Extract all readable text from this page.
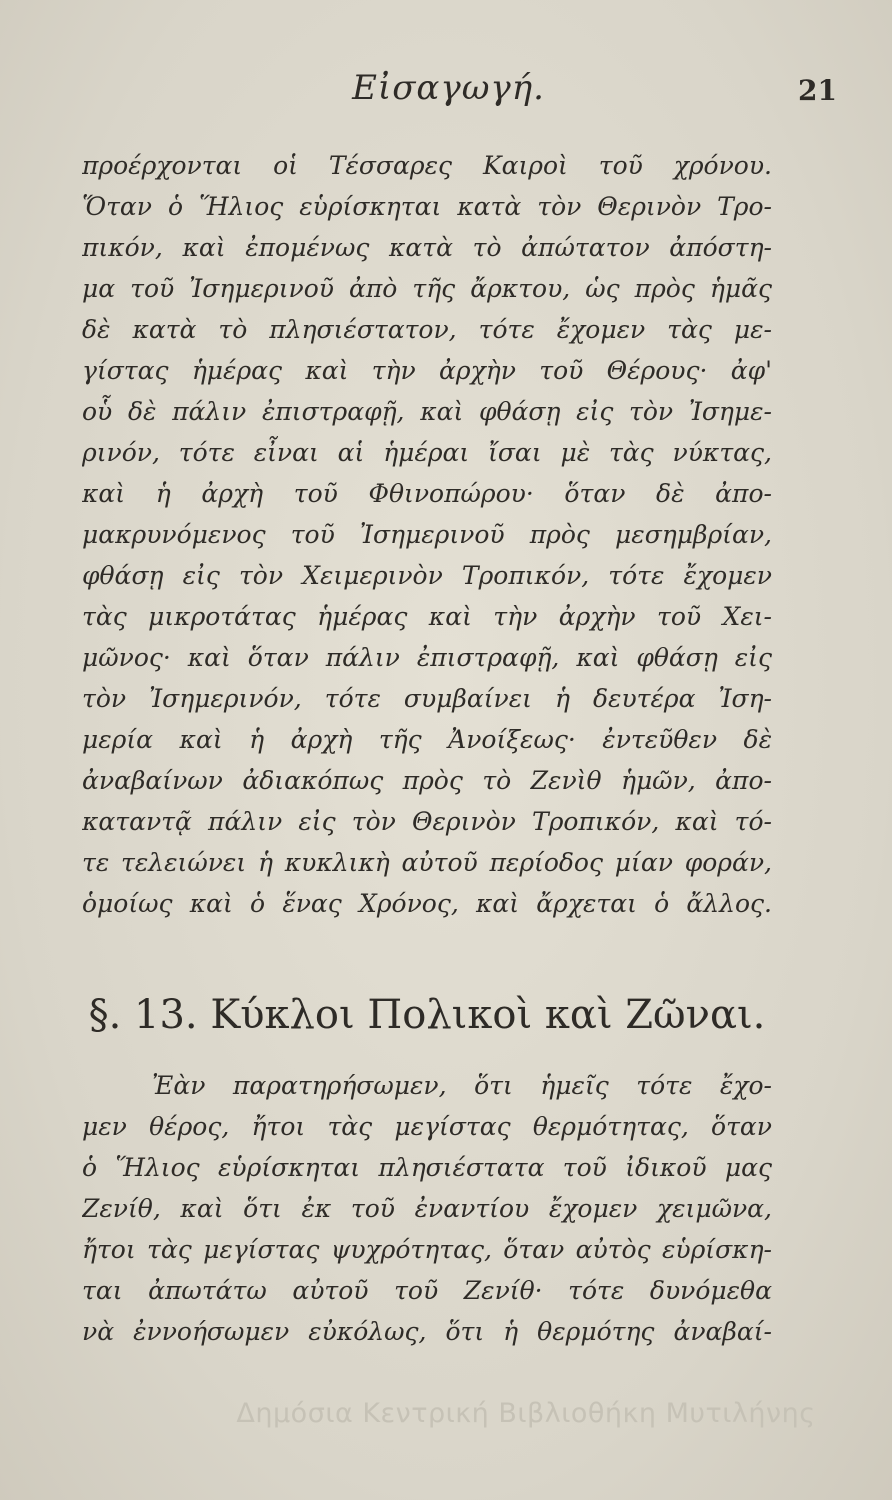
Εἰσαγωγή.	21
προέρχονται οἱ Τέσσαρες Καιροὶ τοῦ χρόνου.
Ὅταν ὁ Ἥλιος εὑρίσκηται κατὰ τὸν Θερινὸν Τρο-
πικόν, καὶ ἐπομένως κατὰ τὸ ἀπώτατον ἀπόστη-
μα τοῦ Ἰσημερινοῦ ἀπὸ τῆς ἄρκτου, ὡς πρὸς ἡμᾶς
δὲ κατὰ τὸ πλησιέστατον, τότε ἔχομεν τὰς με-
γίστας ἡμέρας καὶ τὴν ἀρχὴν τοῦ Θέρους· ἀφ'
οὗ δὲ πάλιν ἐπιστραφῇ, καὶ φθάσῃ εἰς τὸν Ἰσημε-
ρινόν, τότε εἶναι αἱ ἡμέραι ἴσαι μὲ τὰς νύκτας,
καὶ ἡ ἀρχὴ τοῦ Φθινοπώρου· ὅταν δὲ ἀπο-
μακρυνόμενος τοῦ Ἰσημερινοῦ πρὸς μεσημβρίαν,
φθάσῃ εἰς τὸν Χειμερινὸν Τροπικόν, τότε ἔχομεν
τὰς μικροτάτας ἡμέρας καὶ τὴν ἀρχὴν τοῦ Χει-
μῶνος· καὶ ὅταν πάλιν ἐπιστραφῇ, καὶ φθάσῃ εἰς
τὸν Ἰσημερινόν, τότε συμβαίνει ἡ δευτέρα Ἰση-
μερία καὶ ἡ ἀρχὴ τῆς Ἀνοίξεως· ἐντεῦθεν δὲ
ἀναβαίνων ἀδιακόπως πρὸς τὸ Ζενὶθ ἡμῶν, ἀπο-
καταντᾷ πάλιν εἰς τὸν Θερινὸν Τροπικόν, καὶ τό-
τε τελειώνει ἡ κυκλικὴ αὐτοῦ περίοδος μίαν φοράν,
ὁμοίως καὶ ὁ ἕνας Χρόνος, καὶ ἄρχεται ὁ ἄλλος.
§. 13. Κύκλοι Πολικοὶ καὶ Ζῶναι.
Ἐὰν παρατηρήσωμεν, ὅτι ἡμεῖς τότε ἔχο-
μεν θέρος, ἤτοι τὰς μεγίστας θερμότητας, ὅταν
ὁ Ἥλιος εὑρίσκηται πλησιέστατα τοῦ ἰδικοῦ μας
Ζενίθ, καὶ ὅτι ἐκ τοῦ ἐναντίου ἔχομεν χειμῶνα,
ἤτοι τὰς μεγίστας ψυχρότητας, ὅταν αὐτὸς εὑρίσκη-
ται ἀπωτάτω αὐτοῦ τοῦ Ζενίθ· τότε δυνόμεθα
νὰ ἐννοήσωμεν εὐκόλως, ὅτι ἡ θερμότης ἀναβαί-
Δημόσια Κεντρική Βιβλιοθήκη Μυτιλήνης
